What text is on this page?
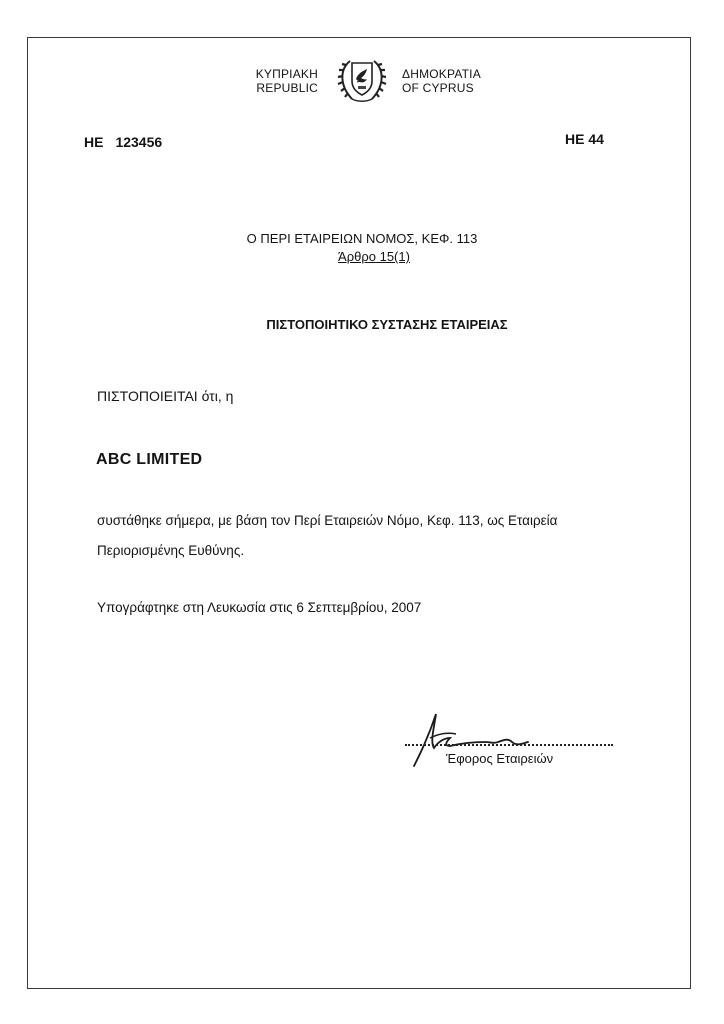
ΚΥΠΡΙΑΚΗ
REPUBLIC
ΔΗΜΟΚΡΑΤΙΑ
OF CYPRUS
HE 123456	HE 44
Ο ΠΕΡΙ ΕΤΑΙΡΕΙΩΝ ΝΟΜΟΣ, ΚΕΦ. 113
Άρθρο 15(1)
ΠΙΣΤΟΠΟΙΗΤΙΚΟ ΣΥΣΤΑΣΗΣ ΕΤΑΙΡΕΙΑΣ
ΠΙΣΤΟΠΟΙΕΙΤΑΙ ότι, η
ABC LIMITED
συστάθηκε σήμερα, με βάση τον Περί Εταιρειών Νόμο, Κεφ. 113, ως Εταιρεία
Περιορισμένης Ευθύνης.
Υπογράφτηκε στη Λευκωσία στις 6 Σεπτεμβρίου, 2007
Έφορος Εταιρειών
